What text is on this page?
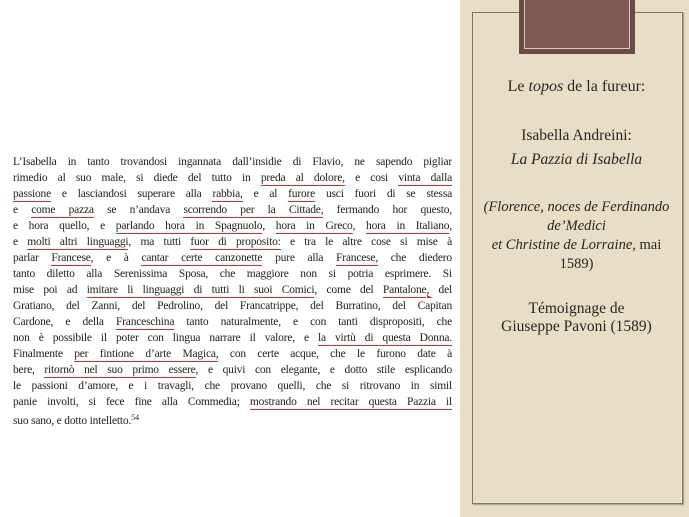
L’Isabella in tanto trovandosi ingannata dall’insidie di Flavio, ne sapendo pigliar
rimedio al suo male, si diede del tutto in preda al dolore, e cosi vinta dalla
passione e lasciandosi superare alla rabbia, e al furore usci fuori di se stessa
e come pazza se n’andava scorrendo per la Cittade, fermando hor questo,
e hora quello, e parlando hora in Spagnuolo, hora in Greco, hora in Italiano,
e molti altri linguaggi, ma tutti fuor di proposito: e tra le altre cose si mise à
parlar Francese, e à cantar certe canzonette pure alla Francese, che diedero
tanto diletto alla Serenissima Sposa, che maggiore non si potria esprimere. Si
mise poi ad imitare li linguaggi di tutti li suoi Comici, come del Pantalone, del
Gratiano, del Zanni, del Pedrolino, del Francatrippe, del Burratino, del Capitan
Cardone, e della Franceschina tanto naturalmente, e con tanti dispropositi, che
non è possibile il poter con lingua narrare il valore, e la virtù di questa Donna.
Finalmente per fintione d’arte Magica, con certe acque, che le furono date à
bere, ritornò nel suo primo essere, e quivi con elegante, e dotto stile esplicando
le passioni d’amore, e i travagli, che provano quelli, che si ritrovano in simil
panie involti, si fece fine alla Commedia; mostrando nel recitar questa Pazzia il
suo sano, e dotto intelletto.$^{54}$
Le topos de la fureur:
Isabella Andreini:
La Pazzia di Isabella
(Florence, noces de Ferdinando
de’Medici
et Christine de Lorraine, mai
1589)
Témoignage de
Giuseppe Pavoni (1589)
